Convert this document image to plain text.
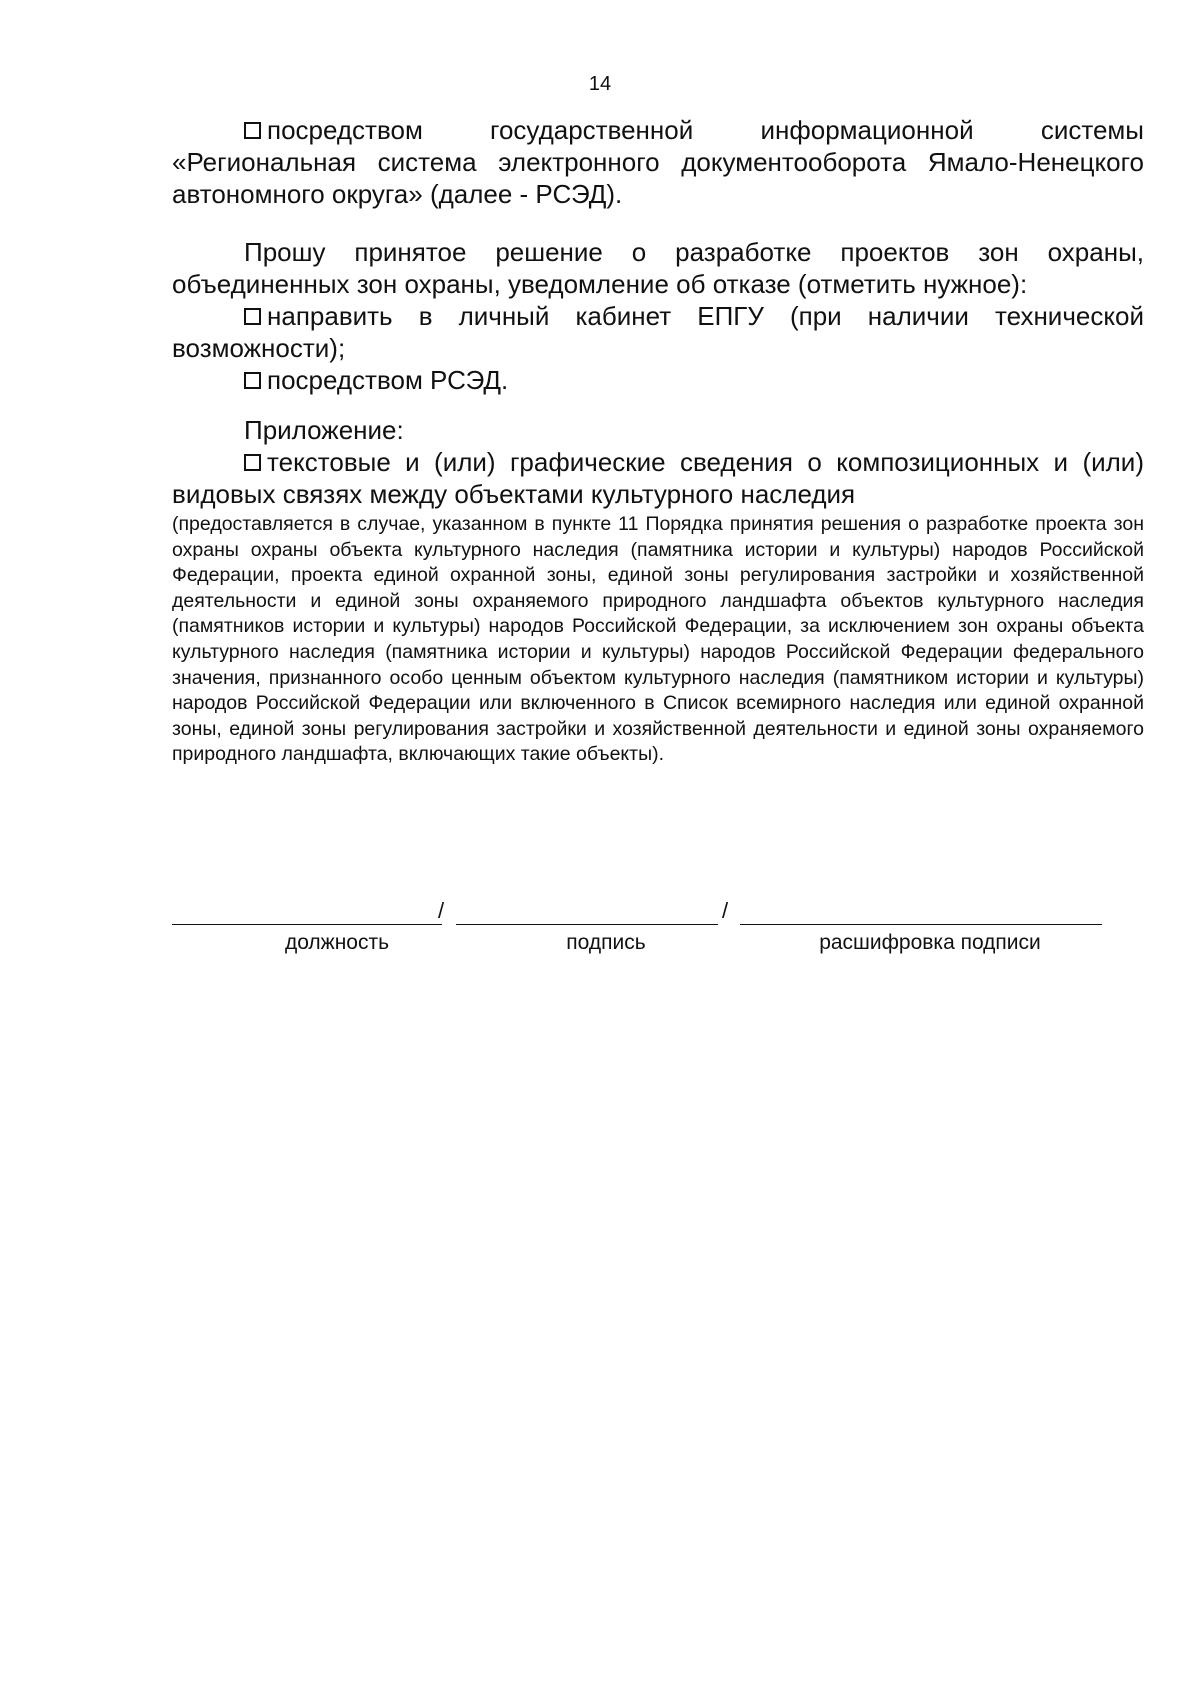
14

посредством государственной информационной системы «Региональная система электронного документооборота Ямало-Ненецкого автономного округа» (далее - РСЭД).

Прошу принятое решение о разработке проектов зон охраны, объединенных зон охраны, уведомление об отказе (отметить нужное):

направить в личный кабинет ЕПГУ (при наличии технической возможности);

посредством РСЭД.

Приложение:

текстовые и (или) графические сведения о композиционных и (или) видовых связях между объектами культурного наследия

(предоставляется в случае, указанном в пункте 11 Порядка принятия решения о разработке проекта зон охраны охраны объекта культурного наследия (памятника истории и культуры) народов Российской Федерации, проекта единой охранной зоны, единой зоны регулирования застройки и хозяйственной деятельности и единой зоны охраняемого природного ландшафта объектов культурного наследия (памятников истории и культуры) народов Российской Федерации, за исключением зон охраны объекта культурного наследия (памятника истории и культуры) народов Российской Федерации федерального значения, признанного особо ценным объектом культурного наследия (памятником истории и культуры) народов Российской Федерации или включенного в Список всемирного наследия или единой охранной зоны, единой зоны регулирования застройки и хозяйственной деятельности и единой зоны охраняемого природного ландшафта, включающих такие объекты).

/	/
должность	подпись	расшифровка подписи
